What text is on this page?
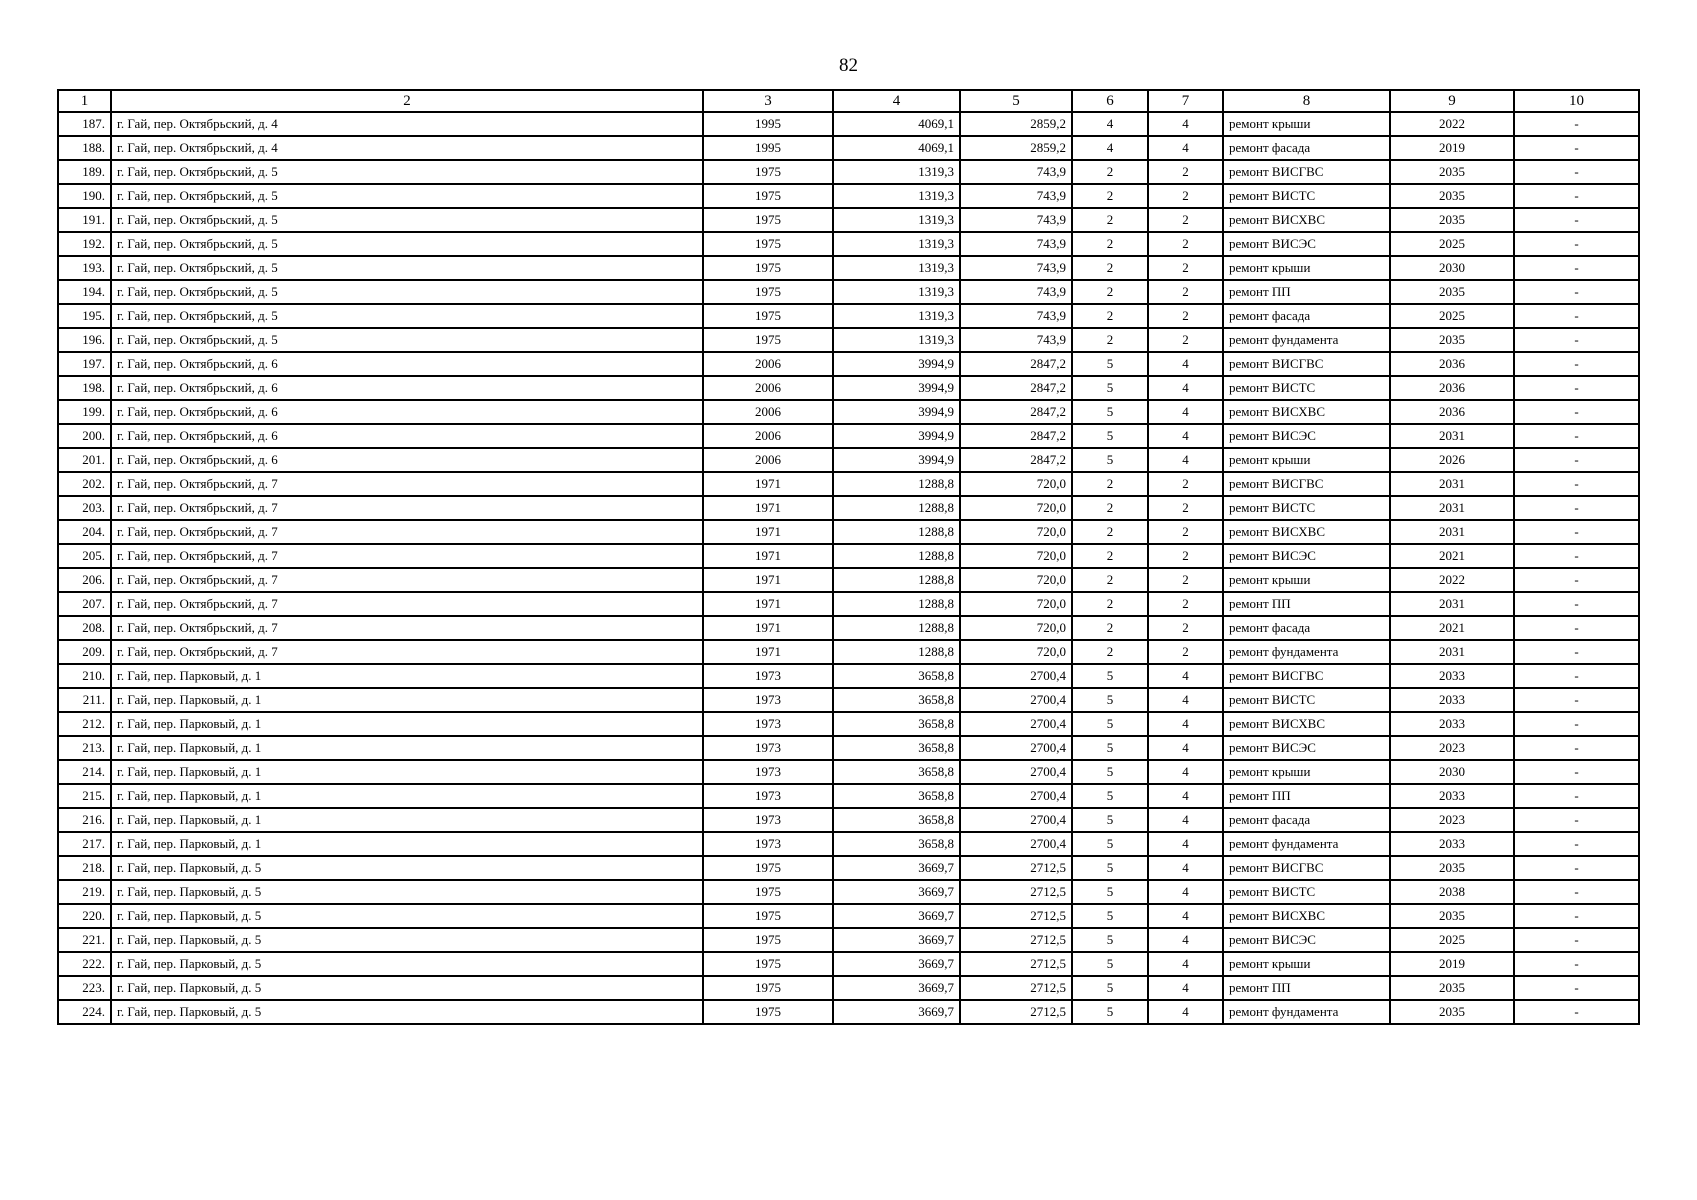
82
1	2	3	4	5	6	7	8	9	10
187.	г. Гай, пер. Октябрьский, д. 4	1995	4069,1	2859,2	4	4	ремонт крыши	2022	-
188.	г. Гай, пер. Октябрьский, д. 4	1995	4069,1	2859,2	4	4	ремонт фасада	2019	-
189.	г. Гай, пер. Октябрьский, д. 5	1975	1319,3	743,9	2	2	ремонт ВИСГВС	2035	-
190.	г. Гай, пер. Октябрьский, д. 5	1975	1319,3	743,9	2	2	ремонт ВИСТС	2035	-
191.	г. Гай, пер. Октябрьский, д. 5	1975	1319,3	743,9	2	2	ремонт ВИСХВС	2035	-
192.	г. Гай, пер. Октябрьский, д. 5	1975	1319,3	743,9	2	2	ремонт ВИСЭС	2025	-
193.	г. Гай, пер. Октябрьский, д. 5	1975	1319,3	743,9	2	2	ремонт крыши	2030	-
194.	г. Гай, пер. Октябрьский, д. 5	1975	1319,3	743,9	2	2	ремонт ПП	2035	-
195.	г. Гай, пер. Октябрьский, д. 5	1975	1319,3	743,9	2	2	ремонт фасада	2025	-
196.	г. Гай, пер. Октябрьский, д. 5	1975	1319,3	743,9	2	2	ремонт фундамента	2035	-
197.	г. Гай, пер. Октябрьский, д. 6	2006	3994,9	2847,2	5	4	ремонт ВИСГВС	2036	-
198.	г. Гай, пер. Октябрьский, д. 6	2006	3994,9	2847,2	5	4	ремонт ВИСТС	2036	-
199.	г. Гай, пер. Октябрьский, д. 6	2006	3994,9	2847,2	5	4	ремонт ВИСХВС	2036	-
200.	г. Гай, пер. Октябрьский, д. 6	2006	3994,9	2847,2	5	4	ремонт ВИСЭС	2031	-
201.	г. Гай, пер. Октябрьский, д. 6	2006	3994,9	2847,2	5	4	ремонт крыши	2026	-
202.	г. Гай, пер. Октябрьский, д. 7	1971	1288,8	720,0	2	2	ремонт ВИСГВС	2031	-
203.	г. Гай, пер. Октябрьский, д. 7	1971	1288,8	720,0	2	2	ремонт ВИСТС	2031	-
204.	г. Гай, пер. Октябрьский, д. 7	1971	1288,8	720,0	2	2	ремонт ВИСХВС	2031	-
205.	г. Гай, пер. Октябрьский, д. 7	1971	1288,8	720,0	2	2	ремонт ВИСЭС	2021	-
206.	г. Гай, пер. Октябрьский, д. 7	1971	1288,8	720,0	2	2	ремонт крыши	2022	-
207.	г. Гай, пер. Октябрьский, д. 7	1971	1288,8	720,0	2	2	ремонт ПП	2031	-
208.	г. Гай, пер. Октябрьский, д. 7	1971	1288,8	720,0	2	2	ремонт фасада	2021	-
209.	г. Гай, пер. Октябрьский, д. 7	1971	1288,8	720,0	2	2	ремонт фундамента	2031	-
210.	г. Гай, пер. Парковый, д. 1	1973	3658,8	2700,4	5	4	ремонт ВИСГВС	2033	-
211.	г. Гай, пер. Парковый, д. 1	1973	3658,8	2700,4	5	4	ремонт ВИСТС	2033	-
212.	г. Гай, пер. Парковый, д. 1	1973	3658,8	2700,4	5	4	ремонт ВИСХВС	2033	-
213.	г. Гай, пер. Парковый, д. 1	1973	3658,8	2700,4	5	4	ремонт ВИСЭС	2023	-
214.	г. Гай, пер. Парковый, д. 1	1973	3658,8	2700,4	5	4	ремонт крыши	2030	-
215.	г. Гай, пер. Парковый, д. 1	1973	3658,8	2700,4	5	4	ремонт ПП	2033	-
216.	г. Гай, пер. Парковый, д. 1	1973	3658,8	2700,4	5	4	ремонт фасада	2023	-
217.	г. Гай, пер. Парковый, д. 1	1973	3658,8	2700,4	5	4	ремонт фундамента	2033	-
218.	г. Гай, пер. Парковый, д. 5	1975	3669,7	2712,5	5	4	ремонт ВИСГВС	2035	-
219.	г. Гай, пер. Парковый, д. 5	1975	3669,7	2712,5	5	4	ремонт ВИСТС	2038	-
220.	г. Гай, пер. Парковый, д. 5	1975	3669,7	2712,5	5	4	ремонт ВИСХВС	2035	-
221.	г. Гай, пер. Парковый, д. 5	1975	3669,7	2712,5	5	4	ремонт ВИСЭС	2025	-
222.	г. Гай, пер. Парковый, д. 5	1975	3669,7	2712,5	5	4	ремонт крыши	2019	-
223.	г. Гай, пер. Парковый, д. 5	1975	3669,7	2712,5	5	4	ремонт ПП	2035	-
224.	г. Гай, пер. Парковый, д. 5	1975	3669,7	2712,5	5	4	ремонт фундамента	2035	-
